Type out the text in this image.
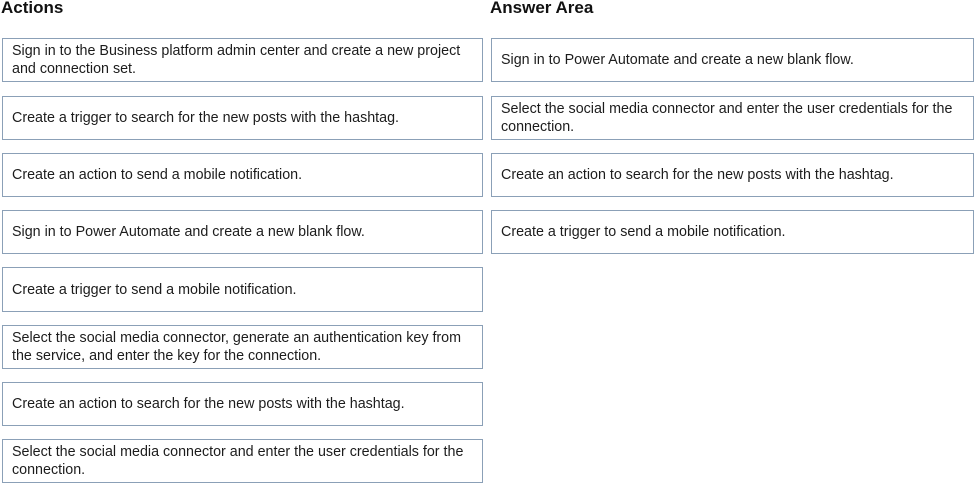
Actions	Answer Area
Sign in to the Business platform admin center and create a new project and connection set.
Create a trigger to search for the new posts with the hashtag.
Create an action to send a mobile notification.
Sign in to Power Automate and create a new blank flow.
Create a trigger to send a mobile notification.
Select the social media connector, generate an authentication key from the service, and enter the key for the connection.
Create an action to search for the new posts with the hashtag.
Select the social media connector and enter the user credentials for the connection.
Sign in to Power Automate and create a new blank flow.
Select the social media connector and enter the user credentials for the connection.
Create an action to search for the new posts with the hashtag.
Create a trigger to send a mobile notification.
